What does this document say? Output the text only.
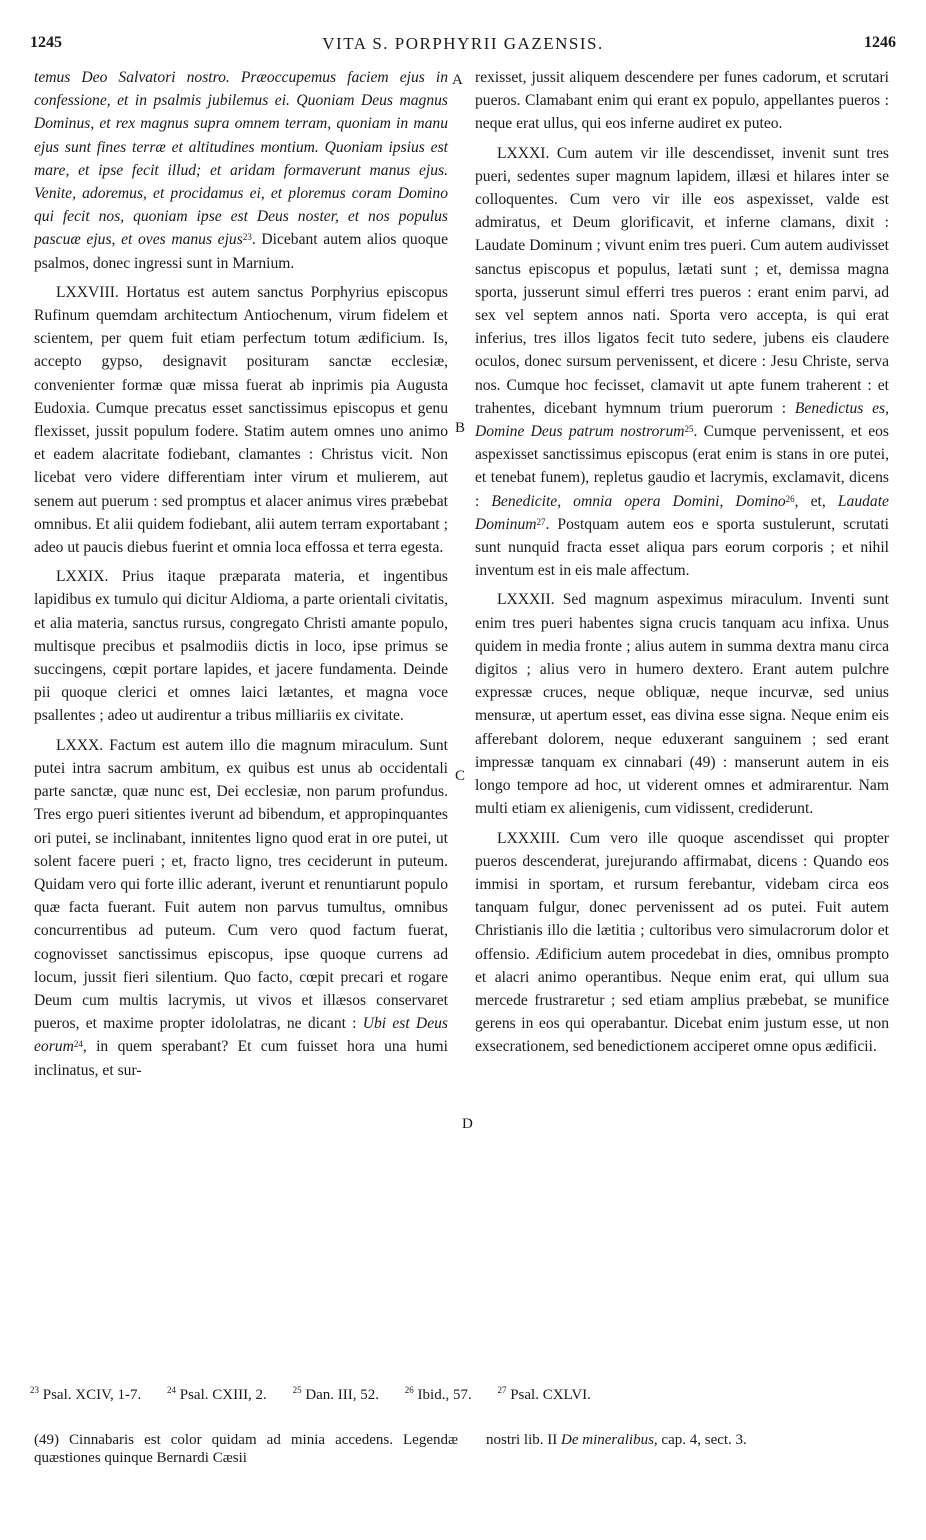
1245	VITA S. PORPHYRII GAZENSIS.	1246
A
B
C
D

temus Deo Salvatori nostro. Præoccupemus faciem ejus in confessione, et in psalmis jubilemus ei. Quoniam Deus magnus Dominus, et rex magnus supra omnem terram, quoniam in manu ejus sunt fines terræ et altitudines montium. Quoniam ipsius est mare, et ipse fecit illud; et aridam formaverunt manus ejus. Venite, adoremus, et procidamus ei, et ploremus coram Domino qui fecit nos, quoniam ipse est Deus noster, et nos populus pascuæ ejus, et oves manus ejus$^{23}$. Dicebant autem alios quoque psalmos, donec ingressi sunt in Marnium.

LXXVIII. Hortatus est autem sanctus Porphyrius episcopus Rufinum quemdam architectum Antiochenum, virum fidelem et scientem, per quem fuit etiam perfectum totum ædificium. Is, accepto gypso, designavit posituram sanctæ ecclesiæ, convenienter formæ quæ missa fuerat ab inprimis pia Augusta Eudoxia. Cumque precatus esset sanctissimus episcopus et genu flexisset, jussit populum fodere. Statim autem omnes uno animo et eadem alacritate fodiebant, clamantes : Christus vicit. Non licebat vero videre differentiam inter virum et mulierem, aut senem aut puerum : sed promptus et alacer animus vires præbebat omnibus. Et alii quidem fodiebant, alii autem terram exportabant ; adeo ut paucis diebus fuerint et omnia loca effossa et terra egesta.

LXXIX. Prius itaque præparata materia, et ingentibus lapidibus ex tumulo qui dicitur Aldioma, a parte orientali civitatis, et alia materia, sanctus rursus, congregato Christi amante populo, multisque precibus et psalmodiis dictis in loco, ipse primus se succingens, cœpit portare lapides, et jacere fundamenta. Deinde pii quoque clerici et omnes laici lætantes, et magna voce psallentes ; adeo ut audirentur a tribus milliariis ex civitate.

LXXX. Factum est autem illo die magnum miraculum. Sunt putei intra sacrum ambitum, ex quibus est unus ab occidentali parte sanctæ, quæ nunc est, Dei ecclesiæ, non parum profundus. Tres ergo pueri sitientes iverunt ad bibendum, et appropinquantes ori putei, se inclinabant, innitentes ligno quod erat in ore putei, ut solent facere pueri ; et, fracto ligno, tres ceciderunt in puteum. Quidam vero qui forte illic aderant, iverunt et renuntiarunt populo quæ facta fuerant. Fuit autem non parvus tumultus, omnibus concurrentibus ad puteum. Cum vero quod factum fuerat, cognovisset sanctissimus episcopus, ipse quoque currens ad locum, jussit fieri silentium. Quo facto, cœpit precari et rogare Deum cum multis lacrymis, ut vivos et illæsos conservaret pueros, et maxime propter idololatras, ne dicant : Ubi est Deus eorum$^{24}$, in quem sperabant? Et cum fuisset hora una humi inclinatus, et sur-

rexisset, jussit aliquem descendere per funes cadorum, et scrutari pueros. Clamabant enim qui erant ex populo, appellantes pueros : neque erat ullus, qui eos inferne audiret ex puteo.

LXXXI. Cum autem vir ille descendisset, invenit sunt tres pueri, sedentes super magnum lapidem, illæsi et hilares inter se colloquentes. Cum vero vir ille eos aspexisset, valde est admiratus, et Deum glorificavit, et inferne clamans, dixit : Laudate Dominum ; vivunt enim tres pueri. Cum autem audivisset sanctus episcopus et populus, lætati sunt ; et, demissa magna sporta, jusserunt simul efferri tres pueros : erant enim parvi, ad sex vel septem annos nati. Sporta vero accepta, is qui erat inferius, tres illos ligatos fecit tuto sedere, jubens eis claudere oculos, donec sursum pervenissent, et dicere : Jesu Christe, serva nos. Cumque hoc fecisset, clamavit ut apte funem traherent : et trahentes, dicebant hymnum trium puerorum : Benedictus es, Domine Deus patrum nostrorum$^{25}$. Cumque pervenissent, et eos aspexisset sanctissimus episcopus (erat enim is stans in ore putei, et tenebat funem), repletus gaudio et lacrymis, exclamavit, dicens : Benedicite, omnia opera Domini, Domino$^{26}$, et, Laudate Dominum$^{27}$. Postquam autem eos e sporta sustulerunt, scrutati sunt nunquid fracta esset aliqua pars eorum corporis ; et nihil inventum est in eis male affectum.

LXXXII. Sed magnum aspeximus miraculum. Inventi sunt enim tres pueri habentes signa crucis tanquam acu infixa. Unus quidem in media fronte ; alius autem in summa dextra manu circa digitos ; alius vero in humero dextero. Erant autem pulchre expressæ cruces, neque obliquæ, neque incurvæ, sed unius mensuræ, ut apertum esset, eas divina esse signa. Neque enim eis afferebant dolorem, neque eduxerant sanguinem ; sed erant impressæ tanquam ex cinnabari (49) : manserunt autem in eis longo tempore ad hoc, ut viderent omnes et admirarentur. Nam multi etiam ex alienigenis, cum vidissent, crediderunt.

LXXXIII. Cum vero ille quoque ascendisset qui propter pueros descenderat, jurejurando affirmabat, dicens : Quando eos immisi in sportam, et rursum ferebantur, videbam circa eos tanquam fulgur, donec pervenissent ad os putei. Fuit autem Christianis illo die lætitia ; cultoribus vero simulacrorum dolor et offensio. Ædificium autem procedebat in dies, omnibus prompto et alacri animo operantibus. Neque enim erat, qui ullum sua mercede frustraretur ; sed etiam amplius præbebat, se munifice gerens in eos qui operabantur. Dicebat enim justum esse, ut non exsecrationem, sed benedictionem acciperet omne opus ædificii.

$^{23}$ Psal. XCIV, 1-7.	$^{24}$ Psal. CXIII, 2.	$^{25}$ Dan. III, 52.	$^{26}$ Ibid., 57.	$^{27}$ Psal. CXLVI.
(49) Cinnabaris est color quidam ad minia accedens. Legendæ quæstiones quinque Bernardi Cæsii
nostri lib. II De mineralibus, cap. 4, sect. 3.
